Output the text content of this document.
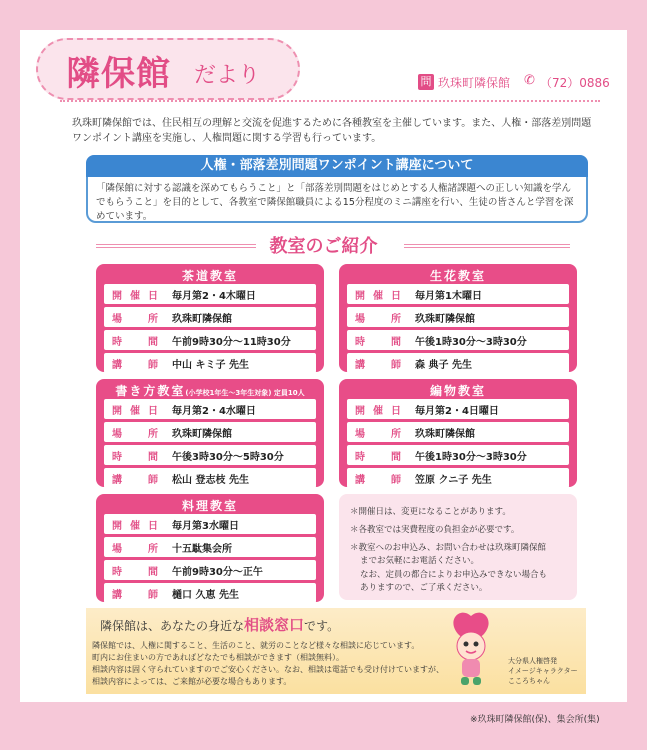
隣保館 だより	問 玖珠町隣保館 ✆ （72）0886
玖珠町隣保館では、住民相互の理解と交流を促進するために各種教室を主催しています。また、人権・部落差別問題ワンポイント講座を実施し、人権問題に関する学習も行っています。
人権・部落差別問題ワンポイント講座について
「隣保館に対する認識を深めてもらうこと」と「部落差別問題をはじめとする人権諸課題への正しい知識を学んでもらうこと」を目的として、各教室で隣保館職員による15分程度のミニ講座を行い、生徒の皆さんと学習を深めています。
教室のご紹介
茶道教室
開 催 日	毎月第2・4木曜日
場	所	玖珠町隣保館
時	間	午前9時30分～11時30分
講	師	中山 キミ子 先生
生花教室
開 催 日	毎月第1木曜日
場	所	玖珠町隣保館
時	間	午後1時30分～3時30分
講	師	森 典子 先生
書き方教室(小学校1年生～3年生対象) 定員10人
開 催 日	毎月第2・4水曜日
場	所	玖珠町隣保館
時	間	午後3時30分～5時30分
講	師	松山 登志枝 先生
編物教室
開 催 日	毎月第2・4日曜日
場	所	玖珠町隣保館
時	間	午後1時30分～3時30分
講	師	笠原 クニ子 先生
料理教室
開 催 日	毎月第3水曜日
場	所	十五駄集会所
時	間	午前9時30分～正午
講	師	樋口 久恵 先生
＊開催日は、変更になることがあります。
＊各教室では実費程度の負担金が必要です。
＊教室へのお申込み、お問い合わせは玖珠町隣保館
までお気軽にお電話ください。
なお、定員の都合によりお申込みできない場合も
ありますので、ご了承ください。
隣保館は、あなたの身近な相談窓口です。
隣保館では、人権に関すること、生活のこと、就労のことなど様々な相談に応じています。
町内にお住まいの方であればどなたでも相談ができます（相談無料）。
相談内容は固く守られていますのでご安心ください。なお、相談は電話でも受け付けていますが、
相談内容によっては、ご来館が必要な場合もあります。
大分県人権啓発
イメージキャラクター
こころちゃん
※玖珠町隣保館(保)、集会所(集)
